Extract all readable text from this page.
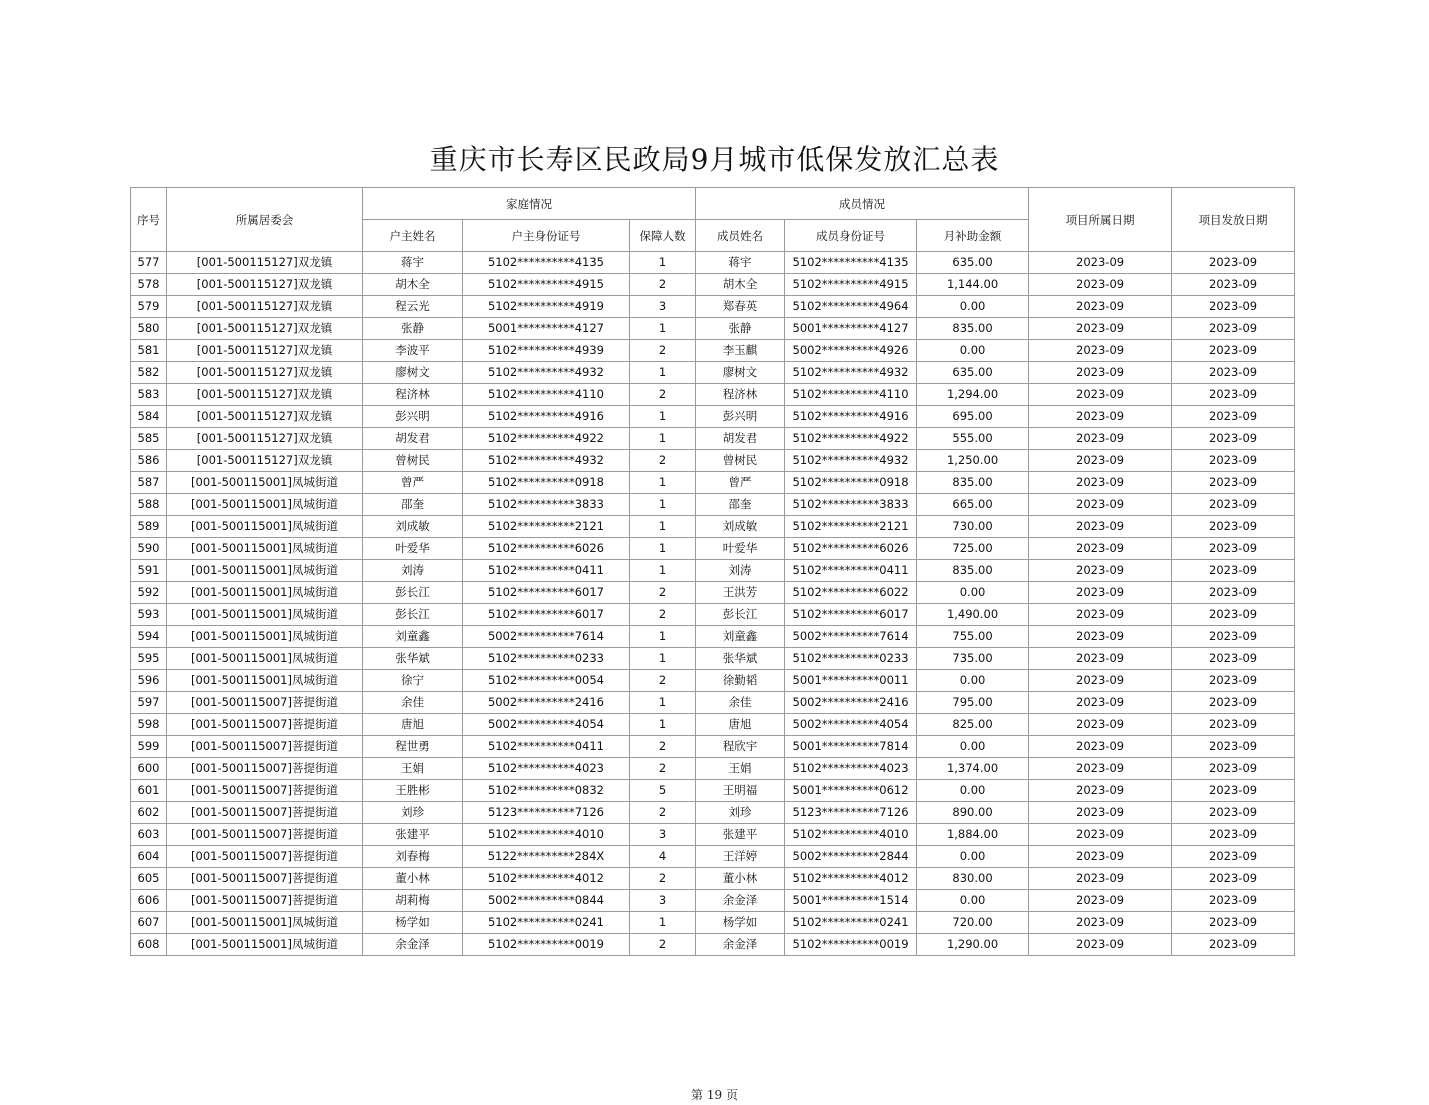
重庆市长寿区民政局9月城市低保发放汇总表
序号	所属居委会	家庭情况			成员情况			项目所属日期	项目发放日期
		户主姓名	户主身份证号	保障人数	成员姓名	成员身份证号	月补助金额		
577	[001-500115127]双龙镇	蒋宇	5102**********4135	1	蒋宇	5102**********4135	635.00	2023-09	2023-09
578	[001-500115127]双龙镇	胡木全	5102**********4915	2	胡木全	5102**********4915	1,144.00	2023-09	2023-09
579	[001-500115127]双龙镇	程云光	5102**********4919	3	郑春英	5102**********4964	0.00	2023-09	2023-09
580	[001-500115127]双龙镇	张静	5001**********4127	1	张静	5001**********4127	835.00	2023-09	2023-09
581	[001-500115127]双龙镇	李波平	5102**********4939	2	李玉麒	5002**********4926	0.00	2023-09	2023-09
582	[001-500115127]双龙镇	廖树文	5102**********4932	1	廖树文	5102**********4932	635.00	2023-09	2023-09
583	[001-500115127]双龙镇	程济林	5102**********4110	2	程济林	5102**********4110	1,294.00	2023-09	2023-09
584	[001-500115127]双龙镇	彭兴明	5102**********4916	1	彭兴明	5102**********4916	695.00	2023-09	2023-09
585	[001-500115127]双龙镇	胡发君	5102**********4922	1	胡发君	5102**********4922	555.00	2023-09	2023-09
586	[001-500115127]双龙镇	曾树民	5102**********4932	2	曾树民	5102**********4932	1,250.00	2023-09	2023-09
587	[001-500115001]凤城街道	曾严	5102**********0918	1	曾严	5102**********0918	835.00	2023-09	2023-09
588	[001-500115001]凤城街道	邵奎	5102**********3833	1	邵奎	5102**********3833	665.00	2023-09	2023-09
589	[001-500115001]凤城街道	刘成敏	5102**********2121	1	刘成敏	5102**********2121	730.00	2023-09	2023-09
590	[001-500115001]凤城街道	叶爱华	5102**********6026	1	叶爱华	5102**********6026	725.00	2023-09	2023-09
591	[001-500115001]凤城街道	刘涛	5102**********0411	1	刘涛	5102**********0411	835.00	2023-09	2023-09
592	[001-500115001]凤城街道	彭长江	5102**********6017	2	王洪芳	5102**********6022	0.00	2023-09	2023-09
593	[001-500115001]凤城街道	彭长江	5102**********6017	2	彭长江	5102**********6017	1,490.00	2023-09	2023-09
594	[001-500115001]凤城街道	刘童鑫	5002**********7614	1	刘童鑫	5002**********7614	755.00	2023-09	2023-09
595	[001-500115001]凤城街道	张华斌	5102**********0233	1	张华斌	5102**********0233	735.00	2023-09	2023-09
596	[001-500115001]凤城街道	徐宁	5102**********0054	2	徐勤韬	5001**********0011	0.00	2023-09	2023-09
597	[001-500115007]菩提街道	余佳	5002**********2416	1	余佳	5002**********2416	795.00	2023-09	2023-09
598	[001-500115007]菩提街道	唐旭	5002**********4054	1	唐旭	5002**********4054	825.00	2023-09	2023-09
599	[001-500115007]菩提街道	程世勇	5102**********0411	2	程欣宇	5001**********7814	0.00	2023-09	2023-09
600	[001-500115007]菩提街道	王娟	5102**********4023	2	王娟	5102**********4023	1,374.00	2023-09	2023-09
601	[001-500115007]菩提街道	王胜彬	5102**********0832	5	王明福	5001**********0612	0.00	2023-09	2023-09
602	[001-500115007]菩提街道	刘珍	5123**********7126	2	刘珍	5123**********7126	890.00	2023-09	2023-09
603	[001-500115007]菩提街道	张建平	5102**********4010	3	张建平	5102**********4010	1,884.00	2023-09	2023-09
604	[001-500115007]菩提街道	刘春梅	5122**********284X	4	王洋婷	5002**********2844	0.00	2023-09	2023-09
605	[001-500115007]菩提街道	董小林	5102**********4012	2	董小林	5102**********4012	830.00	2023-09	2023-09
606	[001-500115007]菩提街道	胡莉梅	5002**********0844	3	余金泽	5001**********1514	0.00	2023-09	2023-09
607	[001-500115001]凤城街道	杨学如	5102**********0241	1	杨学如	5102**********0241	720.00	2023-09	2023-09
608	[001-500115001]凤城街道	余金泽	5102**********0019	2	余金泽	5102**********0019	1,290.00	2023-09	2023-09
第 19 页
